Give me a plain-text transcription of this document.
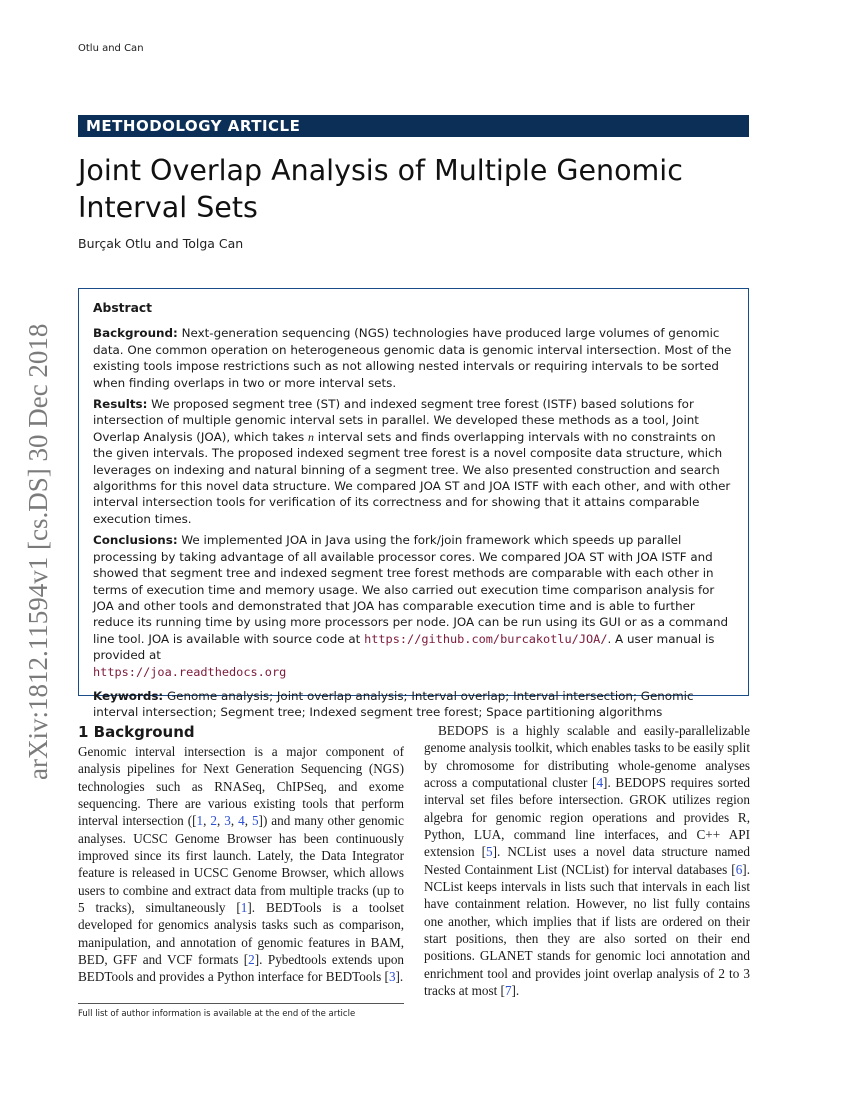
Otlu and Can
METHODOLOGY ARTICLE
Joint Overlap Analysis of Multiple Genomic Interval Sets
Burçak Otlu and Tolga Can
arXiv:1812.11594v1 [cs.DS] 30 Dec 2018

Abstract

Background: Next-generation sequencing (NGS) technologies have produced large volumes of genomic data. One common operation on heterogeneous genomic data is genomic interval intersection. Most of the existing tools impose restrictions such as not allowing nested intervals or requiring intervals to be sorted when finding overlaps in two or more interval sets.

Results: We proposed segment tree (ST) and indexed segment tree forest (ISTF) based solutions for intersection of multiple genomic interval sets in parallel. We developed these methods as a tool, Joint Overlap Analysis (JOA), which takes n interval sets and finds overlapping intervals with no constraints on the given intervals. The proposed indexed segment tree forest is a novel composite data structure, which leverages on indexing and natural binning of a segment tree. We also presented construction and search algorithms for this novel data structure. We compared JOA ST and JOA ISTF with each other, and with other interval intersection tools for verification of its correctness and for showing that it attains comparable execution times.

Conclusions: We implemented JOA in Java using the fork/join framework which speeds up parallel processing by taking advantage of all available processor cores. We compared JOA ST with JOA ISTF and showed that segment tree and indexed segment tree forest methods are comparable with each other in terms of execution time and memory usage. We also carried out execution time comparison analysis for JOA and other tools and demonstrated that JOA has comparable execution time and is able to further reduce its running time by using more processors per node. JOA can be run using its GUI or as a command line tool. JOA is available with source code at https://github.com/burcakotlu/JOA/. A user manual is provided at
https://joa.readthedocs.org

Keywords: Genome analysis; Joint overlap analysis; Interval overlap; Interval intersection; Genomic interval intersection; Segment tree; Indexed segment tree forest; Space partitioning algorithms

1 Background

Genomic interval intersection is a major component of analysis pipelines for Next Generation Sequencing (NGS) technologies such as RNASeq, ChIPSeq, and exome sequencing. There are various existing tools that perform interval intersection ([1, 2, 3, 4, 5]) and many other genomic analyses. UCSC Genome Browser has been continuously improved since its first launch. Lately, the Data Integrator feature is released in UCSC Genome Browser, which allows users to combine and extract data from multiple tracks (up to 5 tracks), simultaneously [1]. BEDTools is a toolset developed for genomics analysis tasks such as comparison, manipulation, and annotation of genomic features in BAM, BED, GFF and VCF formats [2]. Pybedtools extends upon BEDTools and provides a Python interface for BEDTools [3].

BEDOPS is a highly scalable and easily-parallelizable genome analysis toolkit, which enables tasks to be easily split by chromosome for distributing whole-genome analyses across a computational cluster [4]. BEDOPS requires sorted interval set files before intersection. GROK utilizes region algebra for genomic region operations and provides R, Python, LUA, command line interfaces, and C++ API extension [5]. NCList uses a novel data structure named Nested Containment List (NCList) for interval databases [6]. NCList keeps intervals in lists such that intervals in each list have containment relation. However, no list fully contains one another, which implies that if lists are ordered on their start positions, then they are also sorted on their end positions. GLANET stands for genomic loci annotation and enrichment tool and provides joint overlap analysis of 2 to 3 tracks at most [7].

Full list of author information is available at the end of the article
